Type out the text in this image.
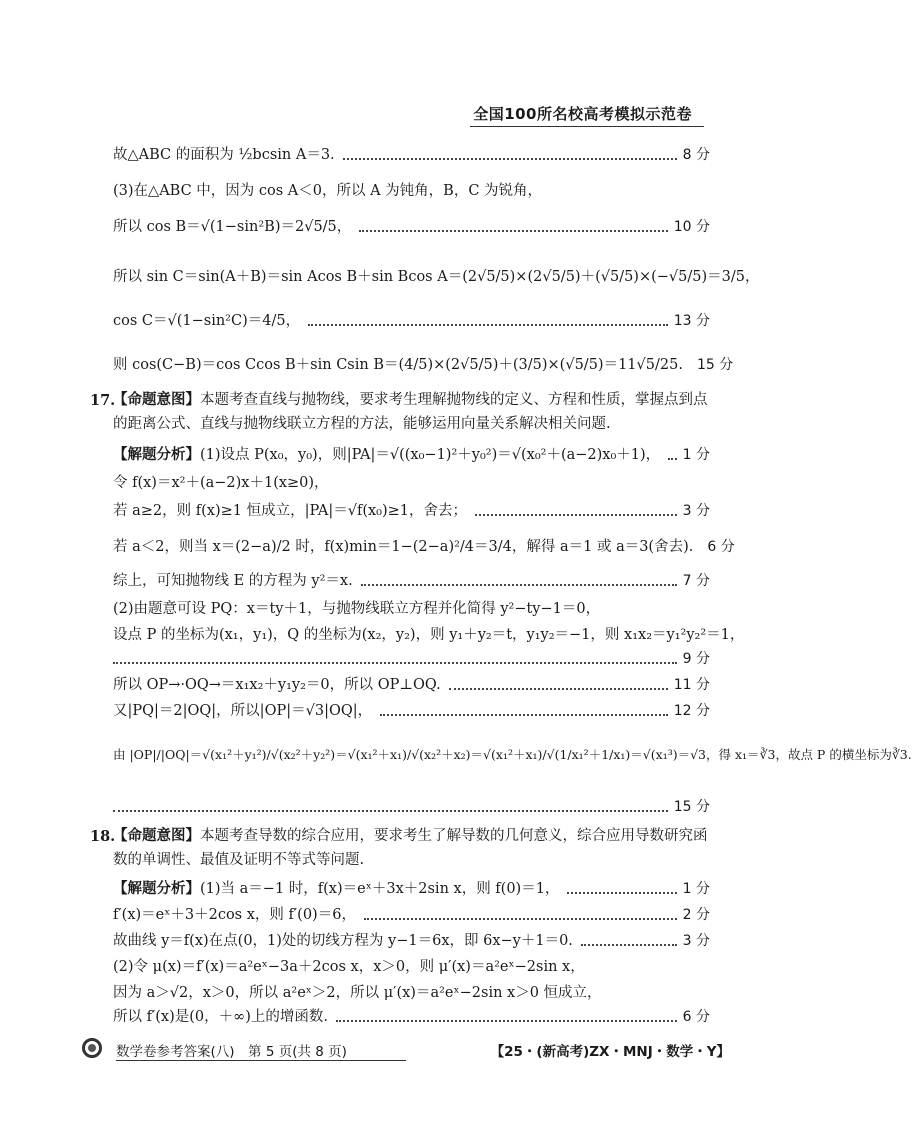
全国100所名校高考模拟示范卷
故△ABC 的面积为 ½bcsin A＝3.	8 分
(3)在△ABC 中，因为 cos A＜0，所以 A 为钝角，B，C 为锐角，
所以 cos B＝√(1−sin²B)＝2√5/5，	10 分
所以 sin C＝sin(A＋B)＝sin Acos B＋sin Bcos A＝(2√5/5)×(2√5/5)＋(√5/5)×(−√5/5)＝3/5，
cos C＝√(1−sin²C)＝4/5，	13 分
则 cos(C−B)＝cos Ccos B＋sin Csin B＝(4/5)×(2√5/5)＋(3/5)×(√5/5)＝11√5/25. 15 分
17.
【命题意图】本题考查直线与抛物线，要求考生理解抛物线的定义、方程和性质，掌握点到点的距离公式、直线与抛物线联立方程的方法，能够运用向量关系解决相关问题.
【解题分析】 (1)设点 P(x₀，y₀)，则|PA|＝√((x₀−1)²＋y₀²)＝√(x₀²＋(a−2)x₀＋1)， 1 分
令 f(x)＝x²＋(a−2)x＋1(x≥0)，
若 a≥2，则 f(x)≥1 恒成立，|PA|＝√f(x₀)≥1，舍去；	3 分
若 a＜2，则当 x＝(2−a)/2 时，f(x)min＝1−(2−a)²/4＝3/4，解得 a＝1 或 a＝3(舍去). 6 分
综上，可知抛物线 E 的方程为 y²＝x.	7 分
(2)由题意可设 PQ：x＝ty＋1，与抛物线联立方程并化简得 y²−ty−1＝0，
设点 P 的坐标为(x₁，y₁)，Q 的坐标为(x₂，y₂)，则 y₁＋y₂＝t，y₁y₂＝−1，则 x₁x₂＝y₁²y₂²＝1，
9 分
所以 OP→·OQ→＝x₁x₂＋y₁y₂＝0，所以 OP⊥OQ.	11 分
又|PQ|＝2|OQ|，所以|OP|＝√3|OQ|，	12 分
由 |OP|/|OQ|＝√(x₁²＋y₁²)/√(x₂²＋y₂²)＝√(x₁²＋x₁)/√(x₂²＋x₂)＝√(x₁²＋x₁)/√(1/x₁²＋1/x₁)＝√(x₁³)＝√3，得 x₁＝∛3，故点 P 的横坐标为∛3.
15 分
18.
【命题意图】本题考查导数的综合应用，要求考生了解导数的几何意义，综合应用导数研究函数的单调性、最值及证明不等式等问题.
【解题分析】 (1)当 a＝−1 时，f(x)＝eˣ＋3x＋2sin x，则 f(0)＝1，	1 分
f′(x)＝eˣ＋3＋2cos x，则 f′(0)＝6，	2 分
故曲线 y＝f(x)在点(0，1)处的切线方程为 y−1＝6x，即 6x−y＋1＝0.	3 分
(2)令 μ(x)＝f′(x)＝a²eˣ−3a＋2cos x，x＞0，则 μ′(x)＝a²eˣ−2sin x，
因为 a＞√2，x＞0，所以 a²eˣ＞2，所以 μ′(x)＝a²eˣ−2sin x＞0 恒成立，
所以 f′(x)是(0，＋∞)上的增函数.	6 分
数学卷参考答案(八)　第 5 页(共 8 页)	【25・(新高考)ZX・MNJ・数学・Y】
